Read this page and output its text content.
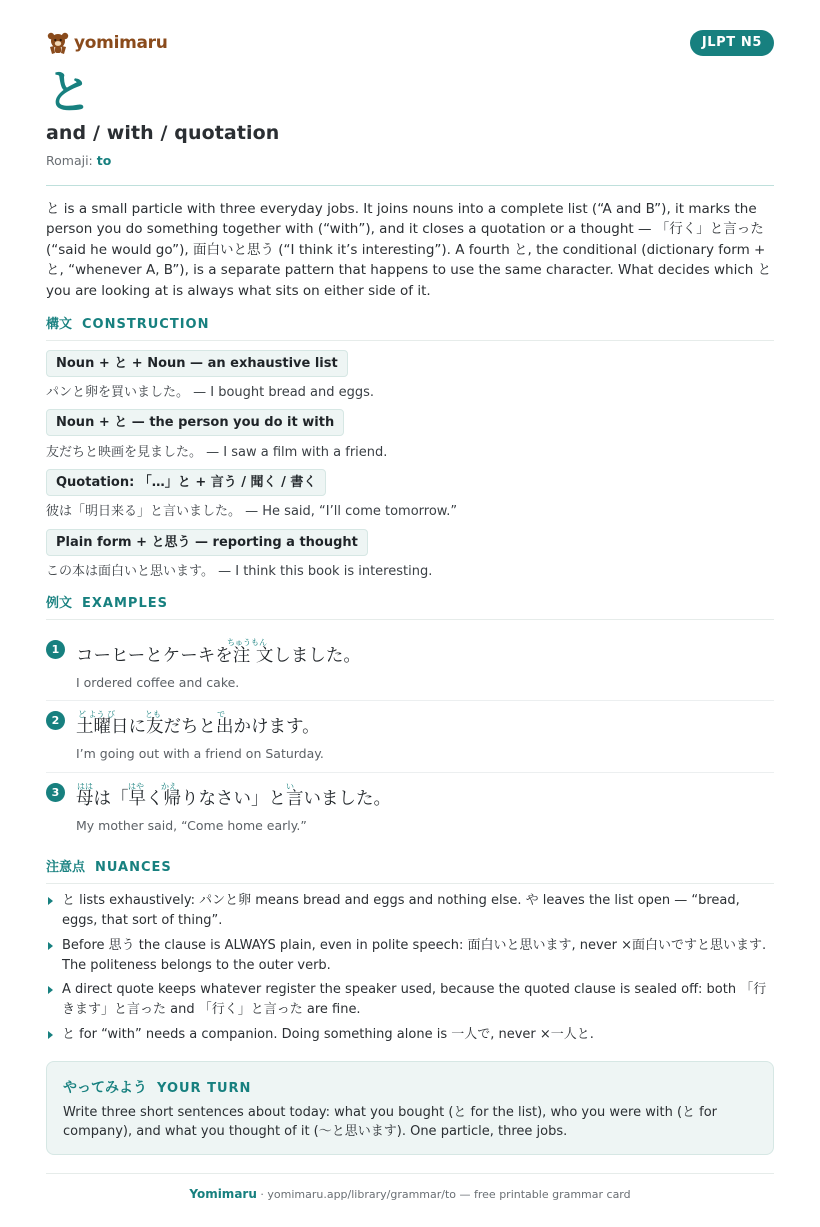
yomimaru	JLPT N5
と
and / with / quotation
Romaji: to

と is a small particle with three everyday jobs. It joins nouns into a complete list (“A and B”), it marks the person you do something together with (“with”), and it closes a quotation or a thought — 「行く」と言った (“said he would go”), 面白いと思う (“I think it’s interesting”). A fourth と, the conditional (dictionary form + と, “whenever A, B”), is a separate pattern that happens to use the same character. What decides which と you are looking at is always what sits on either side of it.

構文 CONSTRUCTION
Noun + と + Noun — an exhaustive list
パンと卵を買いました。 — I bought bread and eggs.
Noun + と — the person you do it with
友だちと映画を見ました。 — I saw a film with a friend.
Quotation: 「…」と + 言う / 聞く / 書く
彼は「明日来る」と言いました。 — He said, “I’ll come tomorrow.”
Plain form + と思う — reporting a thought
この本は面白いと思います。 — I think this book is interesting.
例文 EXAMPLES
1
ちゅうもん
コーヒーとケーキを注 文しました。
I ordered coffee and cake.
2	ど よう び	とも	で
土曜日に友だちと出かけます。
I’m going out with a friend on Saturday.
3	はは	はや かえ	い
母は「早く帰りなさい」と言いました。
My mother said, “Come home early.”
注意点 NUANCES
と lists exhaustively: パンと卵 means bread and eggs and nothing else. や leaves the list open — “bread, eggs, that sort of thing”.
Before 思う the clause is ALWAYS plain, even in polite speech: 面白いと思います, never ×面白いですと思います. The politeness belongs to the outer verb.
A direct quote keeps whatever register the speaker used, because the quoted clause is sealed off: both 「行きます」と言った and 「行く」と言った are fine.
と for “with” needs a companion. Doing something alone is 一人で, never ×一人と.
やってみよう YOUR TURN
Write three short sentences about today: what you bought (と for the list), who you were with (と for company), and what you thought of it (〜と思います). One particle, three jobs.
Yomimaru · yomimaru.app/library/grammar/to — free printable grammar card
